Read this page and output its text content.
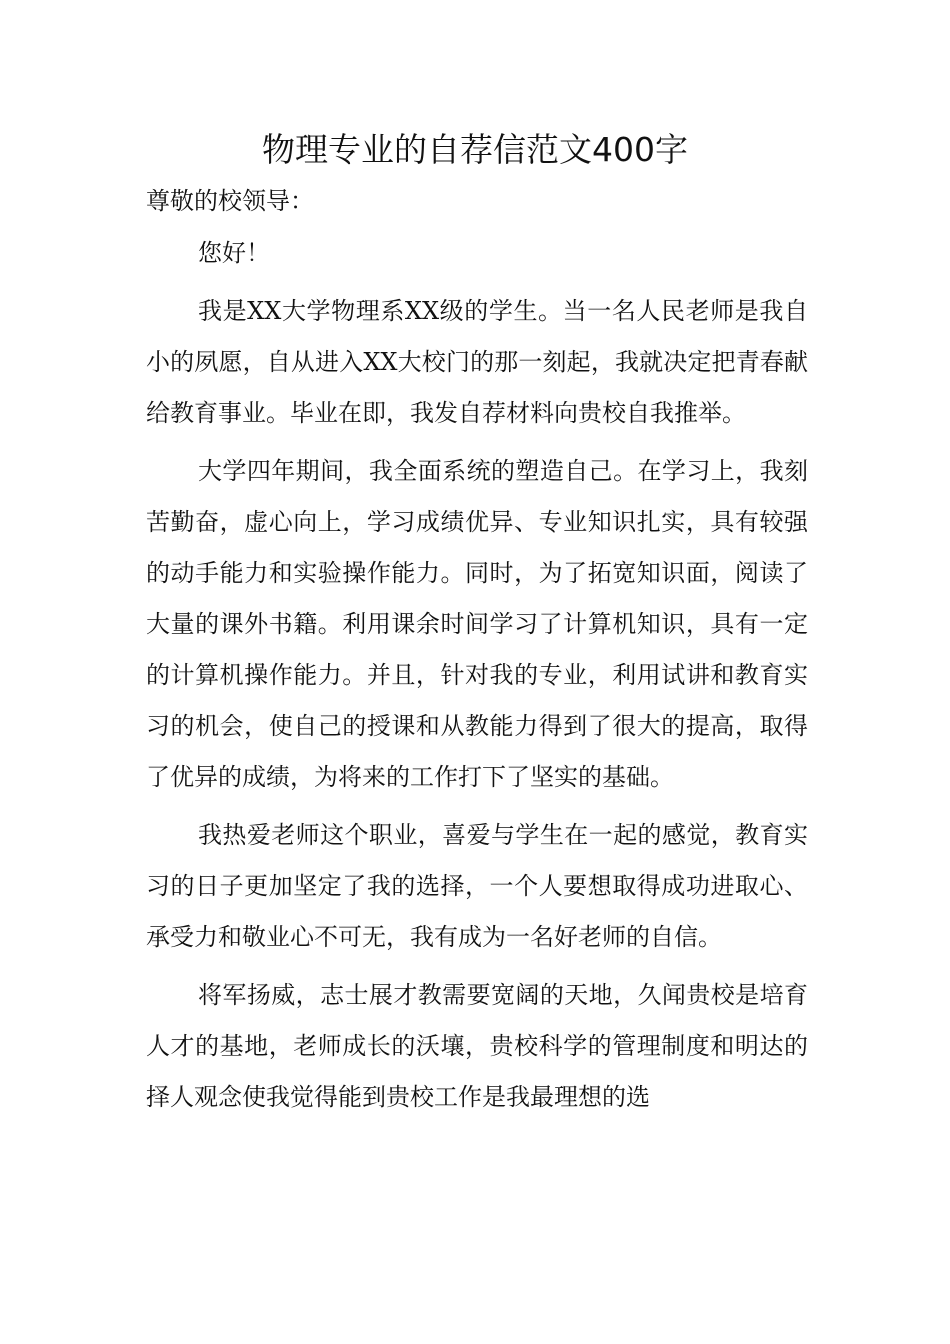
物理专业的自荐信范文400字

尊敬的校领导：

您好！

我是XX大学物理系XX级的学生。当一名人民老师是我自小的夙愿，自从进入XX大校门的那一刻起，我就决定把青春献给教育事业。毕业在即，我发自荐材料向贵校自我推举。

大学四年期间，我全面系统的塑造自己。在学习上，我刻苦勤奋，虚心向上，学习成绩优异、专业知识扎实，具有较强的动手能力和实验操作能力。同时，为了拓宽知识面，阅读了大量的课外书籍。利用课余时间学习了计算机知识，具有一定的计算机操作能力。并且，针对我的专业，利用试讲和教育实习的机会，使自己的授课和从教能力得到了很大的提高，取得了优异的成绩，为将来的工作打下了坚实的基础。

我热爱老师这个职业，喜爱与学生在一起的感觉，教育实习的日子更加坚定了我的选择，一个人要想取得成功进取心、承受力和敬业心不可无，我有成为一名好老师的自信。

将军扬威，志士展才教需要宽阔的天地，久闻贵校是培育人才的基地，老师成长的沃壤，贵校科学的管理制度和明达的择人观念使我觉得能到贵校工作是我最理想的选
